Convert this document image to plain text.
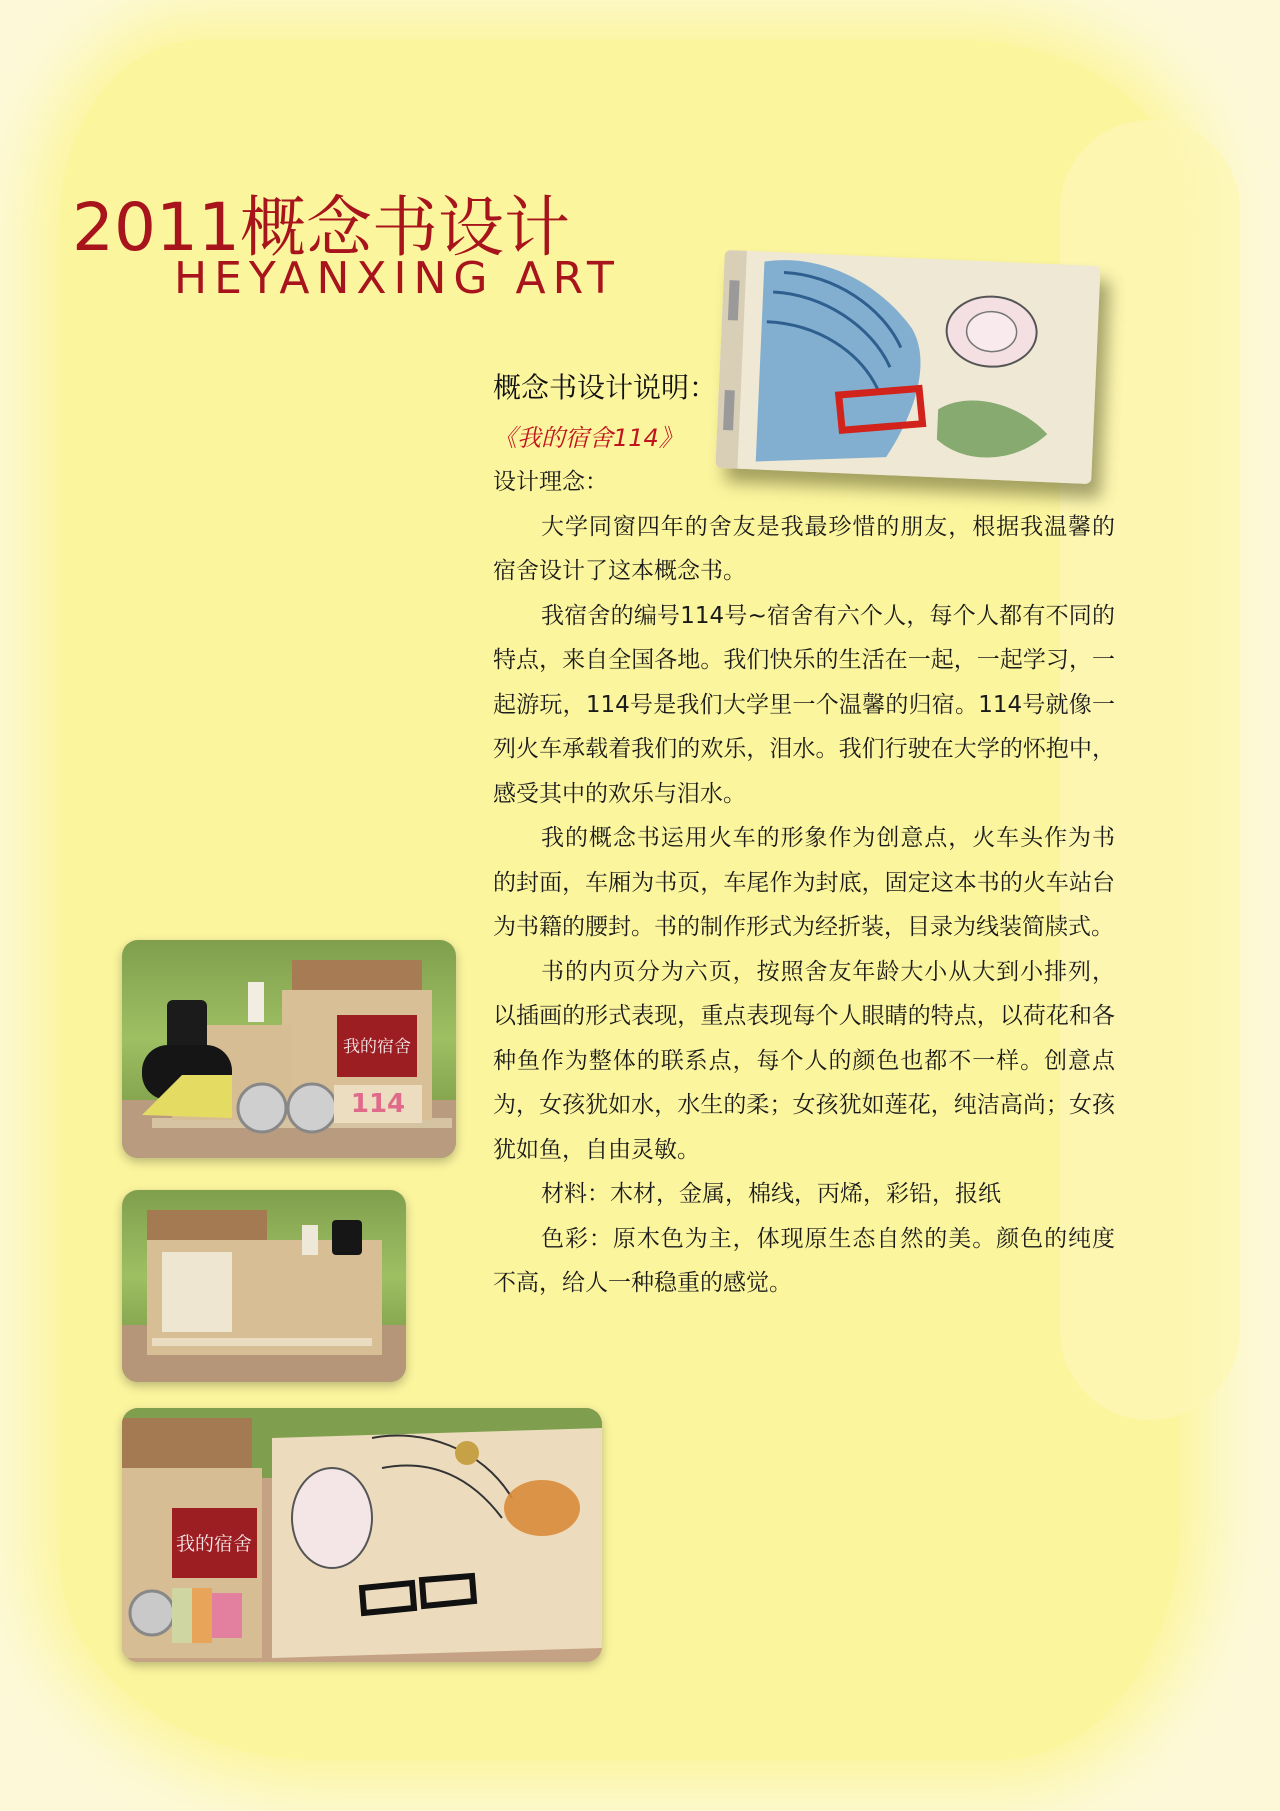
2011概念书设计
HEYANXING ART
我的宿舍
114
我的宿舍
概念书设计说明：
《我的宿舍114》

设计理念：

大学同窗四年的舍友是我最珍惜的朋友，根据我温馨的宿舍设计了这本概念书。

我宿舍的编号114号~宿舍有六个人，每个人都有不同的特点，来自全国各地。我们快乐的生活在一起，一起学习，一起游玩，114号是我们大学里一个温馨的归宿。114号就像一列火车承载着我们的欢乐，泪水。我们行驶在大学的怀抱中，感受其中的欢乐与泪水。

我的概念书运用火车的形象作为创意点，火车头作为书的封面，车厢为书页，车尾作为封底，固定这本书的火车站台为书籍的腰封。书的制作形式为经折装，目录为线装简牍式。

书的内页分为六页，按照舍友年龄大小从大到小排列，以插画的形式表现，重点表现每个人眼睛的特点，以荷花和各种鱼作为整体的联系点，每个人的颜色也都不一样。创意点为，女孩犹如水，水生的柔；女孩犹如莲花，纯洁高尚；女孩犹如鱼，自由灵敏。

材料：木材，金属，棉线，丙烯，彩铅，报纸

色彩：原木色为主，体现原生态自然的美。颜色的纯度不高，给人一种稳重的感觉。
